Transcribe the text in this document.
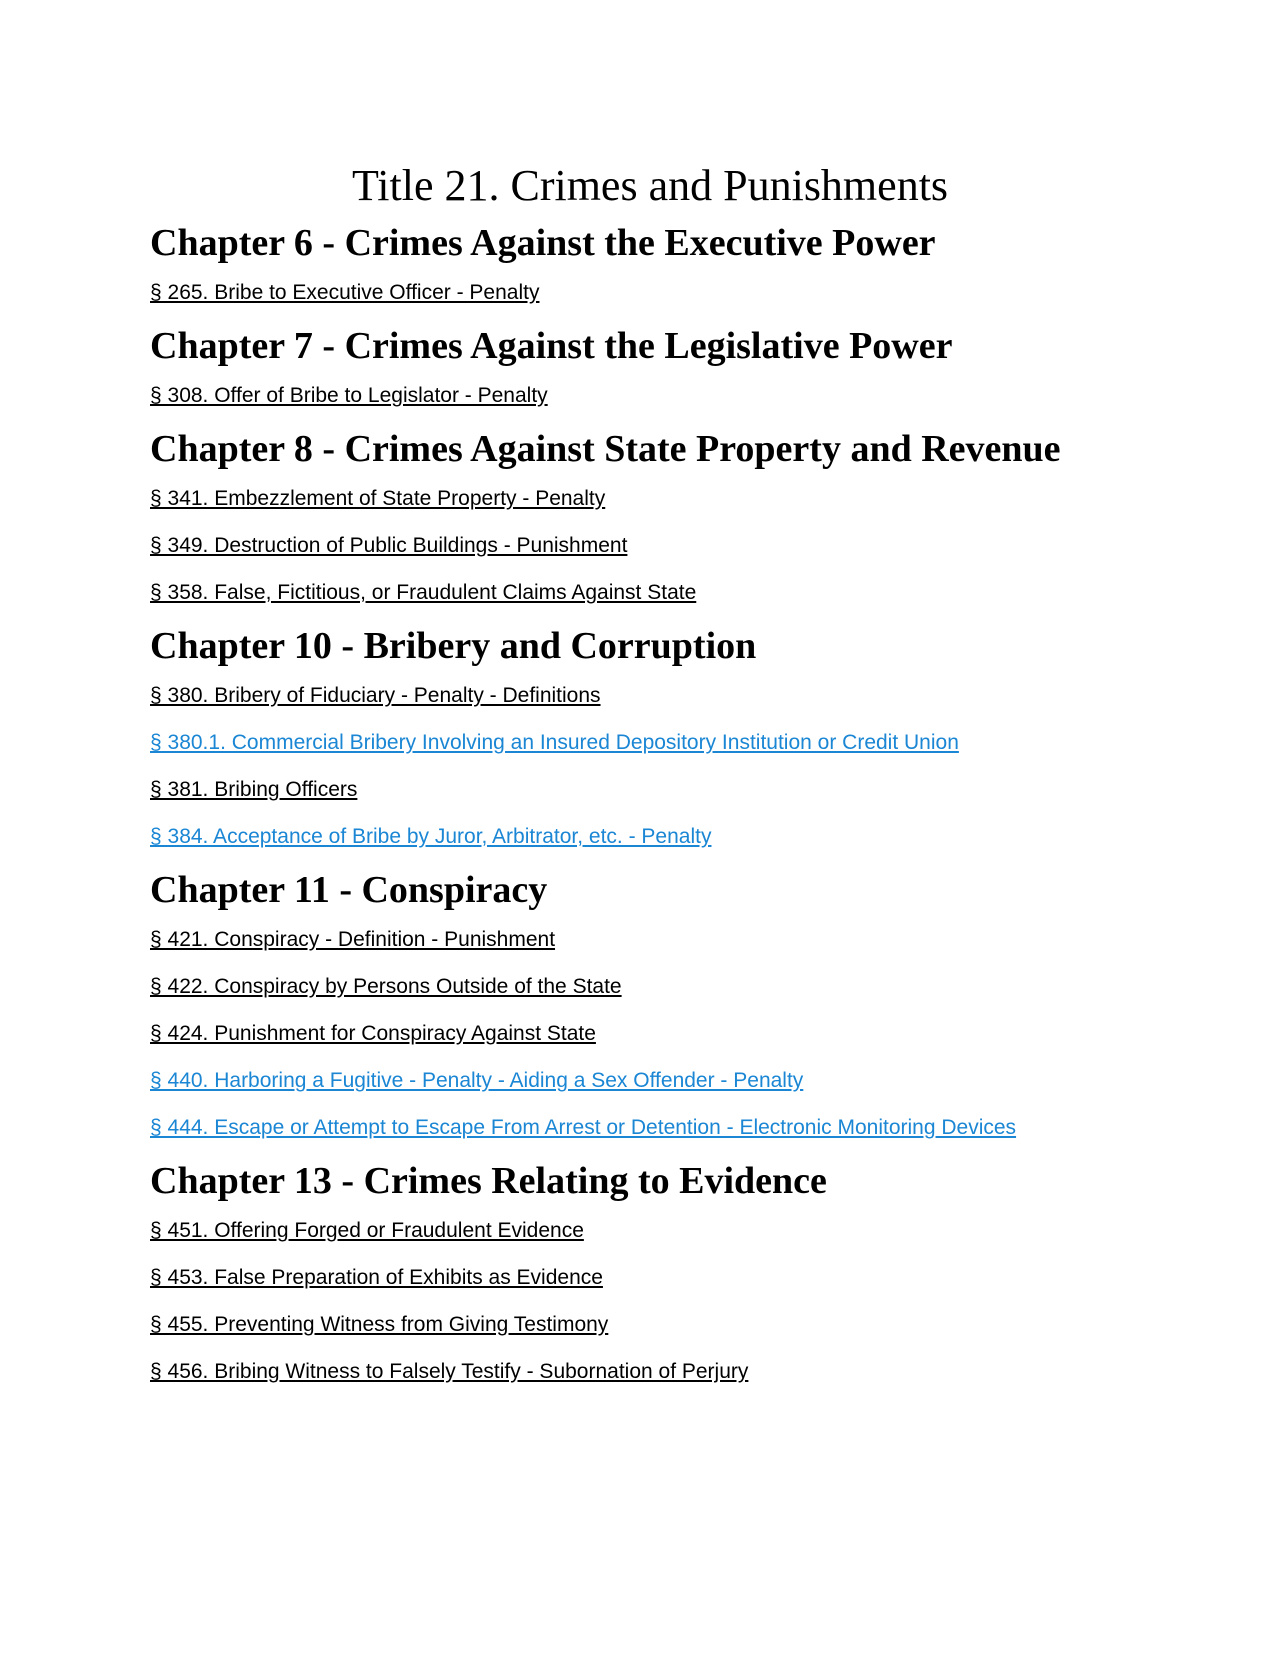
Title 21. Crimes and Punishments
Chapter 6 - Crimes Against the Executive Power
§ 265. Bribe to Executive Officer - Penalty
Chapter 7 - Crimes Against the Legislative Power
§ 308. Offer of Bribe to Legislator - Penalty
Chapter 8 - Crimes Against State Property and Revenue
§ 341. Embezzlement of State Property - Penalty
§ 349. Destruction of Public Buildings - Punishment
§ 358. False, Fictitious, or Fraudulent Claims Against State
Chapter 10 - Bribery and Corruption
§ 380. Bribery of Fiduciary - Penalty - Definitions
§ 380.1. Commercial Bribery Involving an Insured Depository Institution or Credit Union
§ 381. Bribing Officers
§ 384. Acceptance of Bribe by Juror, Arbitrator, etc. - Penalty
Chapter 11 - Conspiracy
§ 421. Conspiracy - Definition - Punishment
§ 422. Conspiracy by Persons Outside of the State
§ 424. Punishment for Conspiracy Against State
§ 440. Harboring a Fugitive - Penalty - Aiding a Sex Offender - Penalty
§ 444. Escape or Attempt to Escape From Arrest or Detention - Electronic Monitoring Devices
Chapter 13 - Crimes Relating to Evidence
§ 451. Offering Forged or Fraudulent Evidence
§ 453. False Preparation of Exhibits as Evidence
§ 455. Preventing Witness from Giving Testimony
§ 456. Bribing Witness to Falsely Testify - Subornation of Perjury
